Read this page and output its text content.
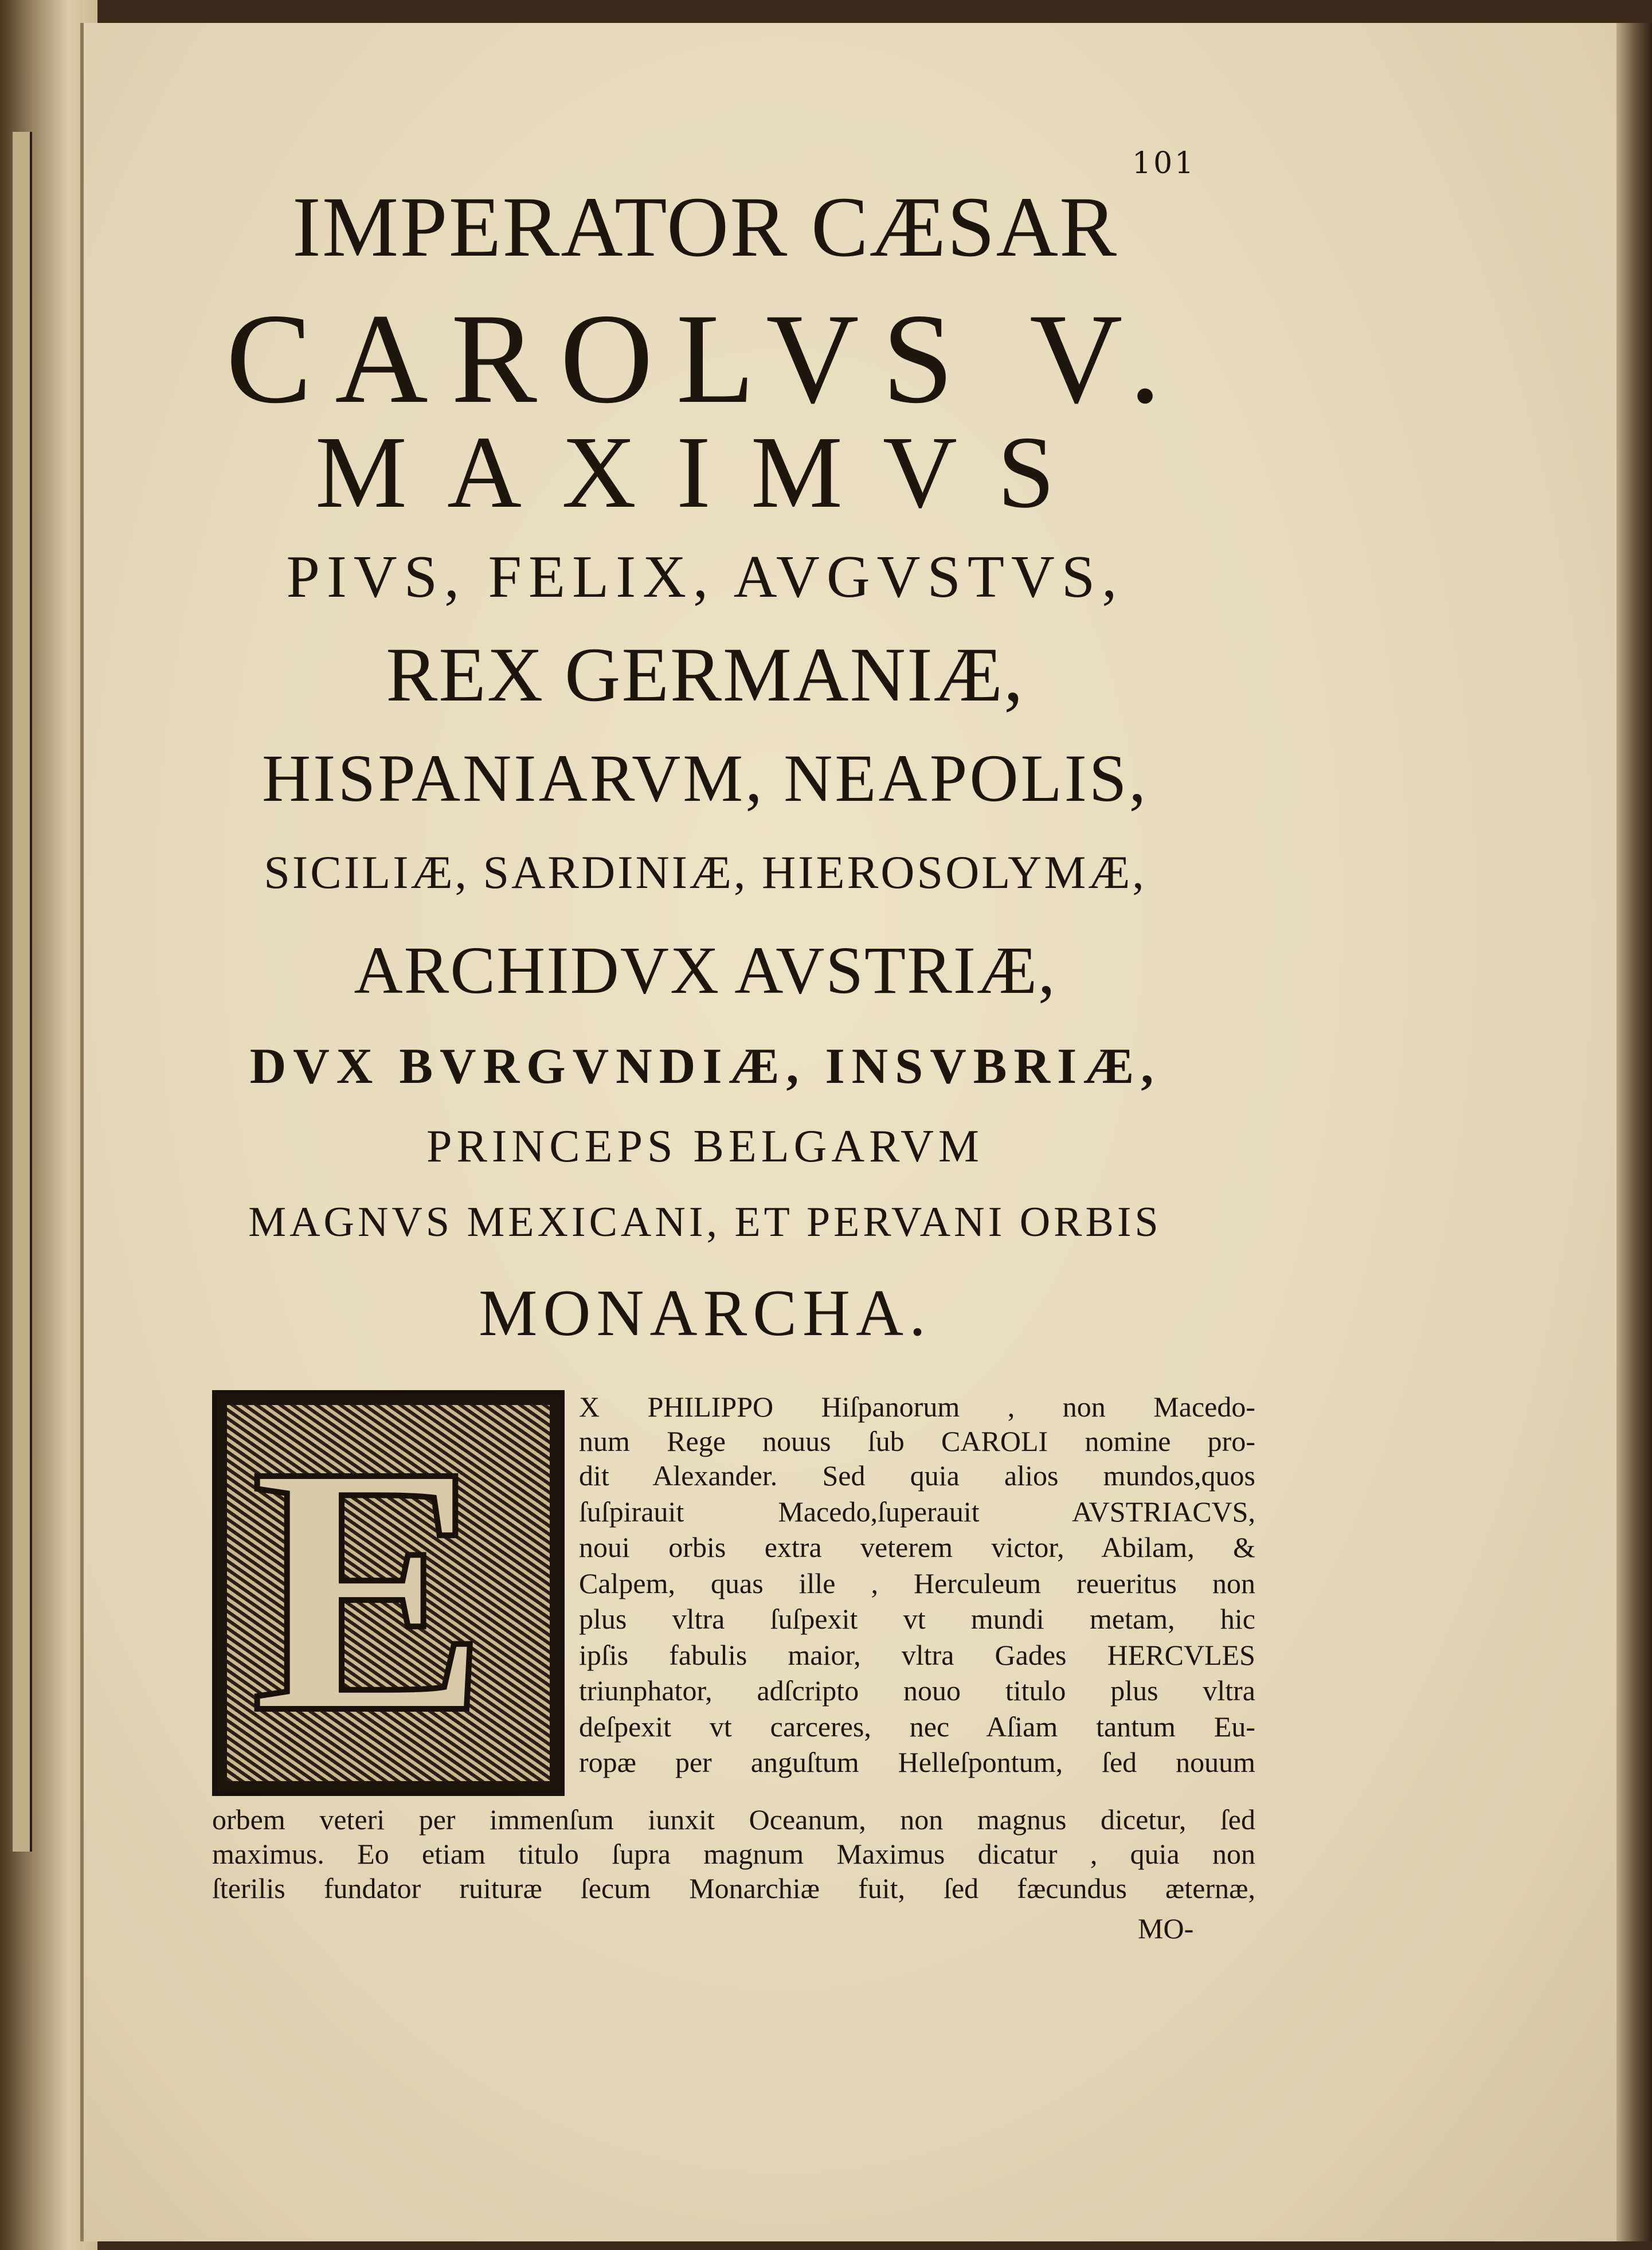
101
IMPERATOR CÆSAR
CAROLVS V.
MAXIMVS
PIVS, FELIX, AVGVSTVS,
REX GERMANIÆ,
HISPANIARVM, NEAPOLIS,
SICILIÆ, SARDINIÆ, HIEROSOLYMÆ,
ARCHIDVX AVSTRIÆ,
DVX BVRGVNDIÆ, INSVBRIÆ,
PRINCEPS BELGARVM
MAGNVS MEXICANI, ET PERVANI ORBIS
MONARCHA.
E	X PHILIPPO Hiſpanorum , non Macedo-
num Rege nouus ſub CAROLI nomine pro-
dit Alexander. Sed quia alios mundos,quos
ſuſpirauit Macedo,ſuperauit AVSTRIACVS,
noui orbis extra veterem victor, Abilam, &
Calpem, quas ille , Herculeum reueritus non
plus vltra ſuſpexit vt mundi metam, hic
ipſis fabulis maior, vltra Gades HERCVLES
triunphator, adſcripto nouo titulo plus vltra
deſpexit vt carceres, nec Aſiam tantum Eu-
ropæ per anguſtum Helleſpontum, ſed nouum
orbem veteri per immenſum iunxit Oceanum, non magnus dicetur, ſed
maximus. Eo etiam titulo ſupra magnum Maximus dicatur , quia non
ſterilis fundator ruituræ ſecum Monarchiæ fuit, ſed fæcundus æternæ,
MO-
